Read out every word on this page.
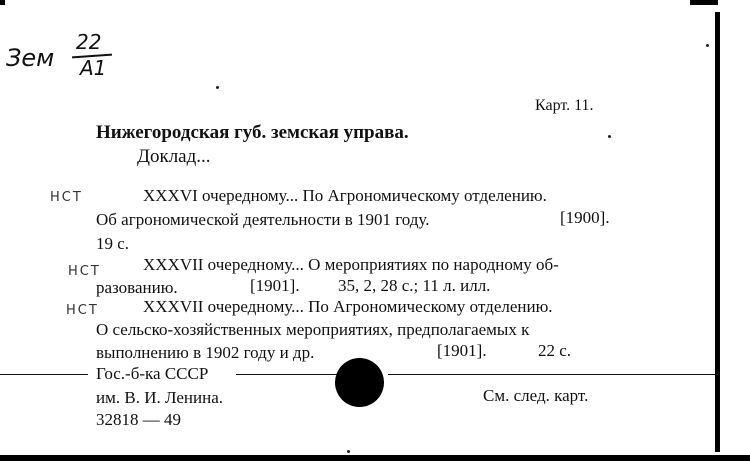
Зем
22
A1
Карт. 11.
Нижегородская губ. земская управа.
Доклад...
НСТ
НСТ
НСТ
XXXVI очередному... По Агрономическому отделению.
Об агрономической деятельности в 1901 году.	[1900].
19 с.
XXXVII очередному... О мероприятиях по народному об-
разованию.	[1901]. 35, 2, 28 с.; 11 л. илл.
XXXVII очередному... По Агрономическому отделению.
О сельско-хозяйственных мероприятиях, предполагаемых к
выполнению в 1902 году и др.	[1901].	22 с.
Гос.-б-ка СССР
им. В. И. Ленина.
32818 — 49
См. след. карт.
